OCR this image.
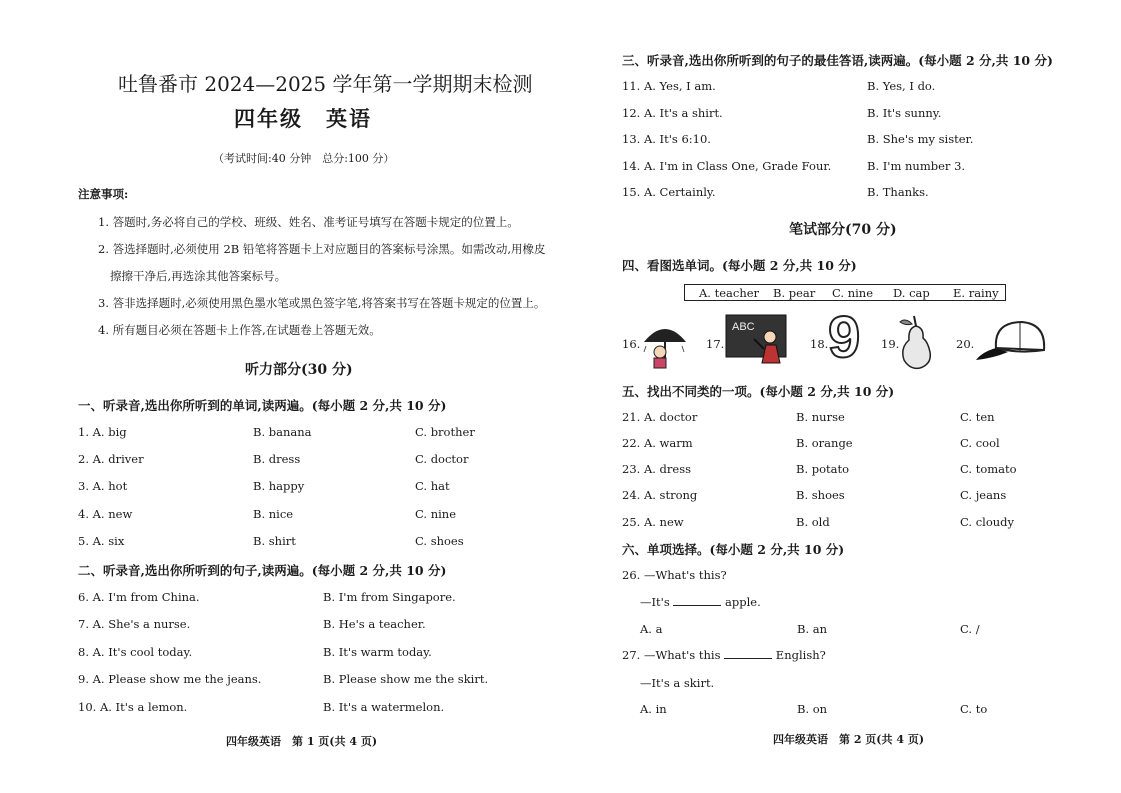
吐鲁番市 2024—2025 学年第一学期期末检测
四年级　英语
（考试时间:40 分钟　总分:100 分）
注意事项:
1. 答题时,务必将自己的学校、班级、姓名、准考证号填写在答题卡规定的位置上。
2. 答选择题时,必须使用 2B 铅笔将答题卡上对应题目的答案标号涂黑。如需改动,用橡皮
擦擦干净后,再选涂其他答案标号。
3. 答非选择题时,必须使用黑色墨水笔或黑色签字笔,将答案书写在答题卡规定的位置上。
4. 所有题目必须在答题卡上作答,在试题卷上答题无效。
听力部分(30 分)
一、听录音,选出你所听到的单词,读两遍。(每小题 2 分,共 10 分)
1. A. big	B. banana	C. brother
2. A. driver	B. dress	C. doctor
3. A. hot	B. happy	C. hat
4. A. new	B. nice	C. nine
5. A. six	B. shirt	C. shoes
二、听录音,选出你所听到的句子,读两遍。(每小题 2 分,共 10 分)
6. A. I'm from China.	B. I'm from Singapore.
7. A. She's a nurse.	B. He's a teacher.
8. A. It's cool today.	B. It's warm today.
9. A. Please show me the jeans.	B. Please show me the skirt.
10. A. It's a lemon.	B. It's a watermelon.
四年级英语　第 1 页(共 4 页)
三、听录音,选出你所听到的句子的最佳答语,读两遍。(每小题 2 分,共 10 分)
11. A. Yes, I am.	B. Yes, I do.
12. A. It's a shirt.	B. It's sunny.
13. A. It's 6:10.	B. She's my sister.
14. A. I'm in Class One, Grade Four.	B. I'm number 3.
15. A. Certainly.	B. Thanks.
笔试部分(70 分)
四、看图选单词。(每小题 2 分,共 10 分)
A. teacher B. pear C. nine D. cap E. rainy
16.	17.
ABC
18. 9 19.	20.
五、找出不同类的一项。(每小题 2 分,共 10 分)
21. A. doctor	B. nurse	C. ten
22. A. warm	B. orange	C. cool
23. A. dress	B. potato	C. tomato
24. A. strong	B. shoes	C. jeans
25. A. new	B. old	C. cloudy
六、单项选择。(每小题 2 分,共 10 分)
26. —What's this?
—It's	apple.
A. a	B. an	C. /
27. —What's this	English?
—It's a skirt.
A. in	B. on	C. to
四年级英语　第 2 页(共 4 页)
